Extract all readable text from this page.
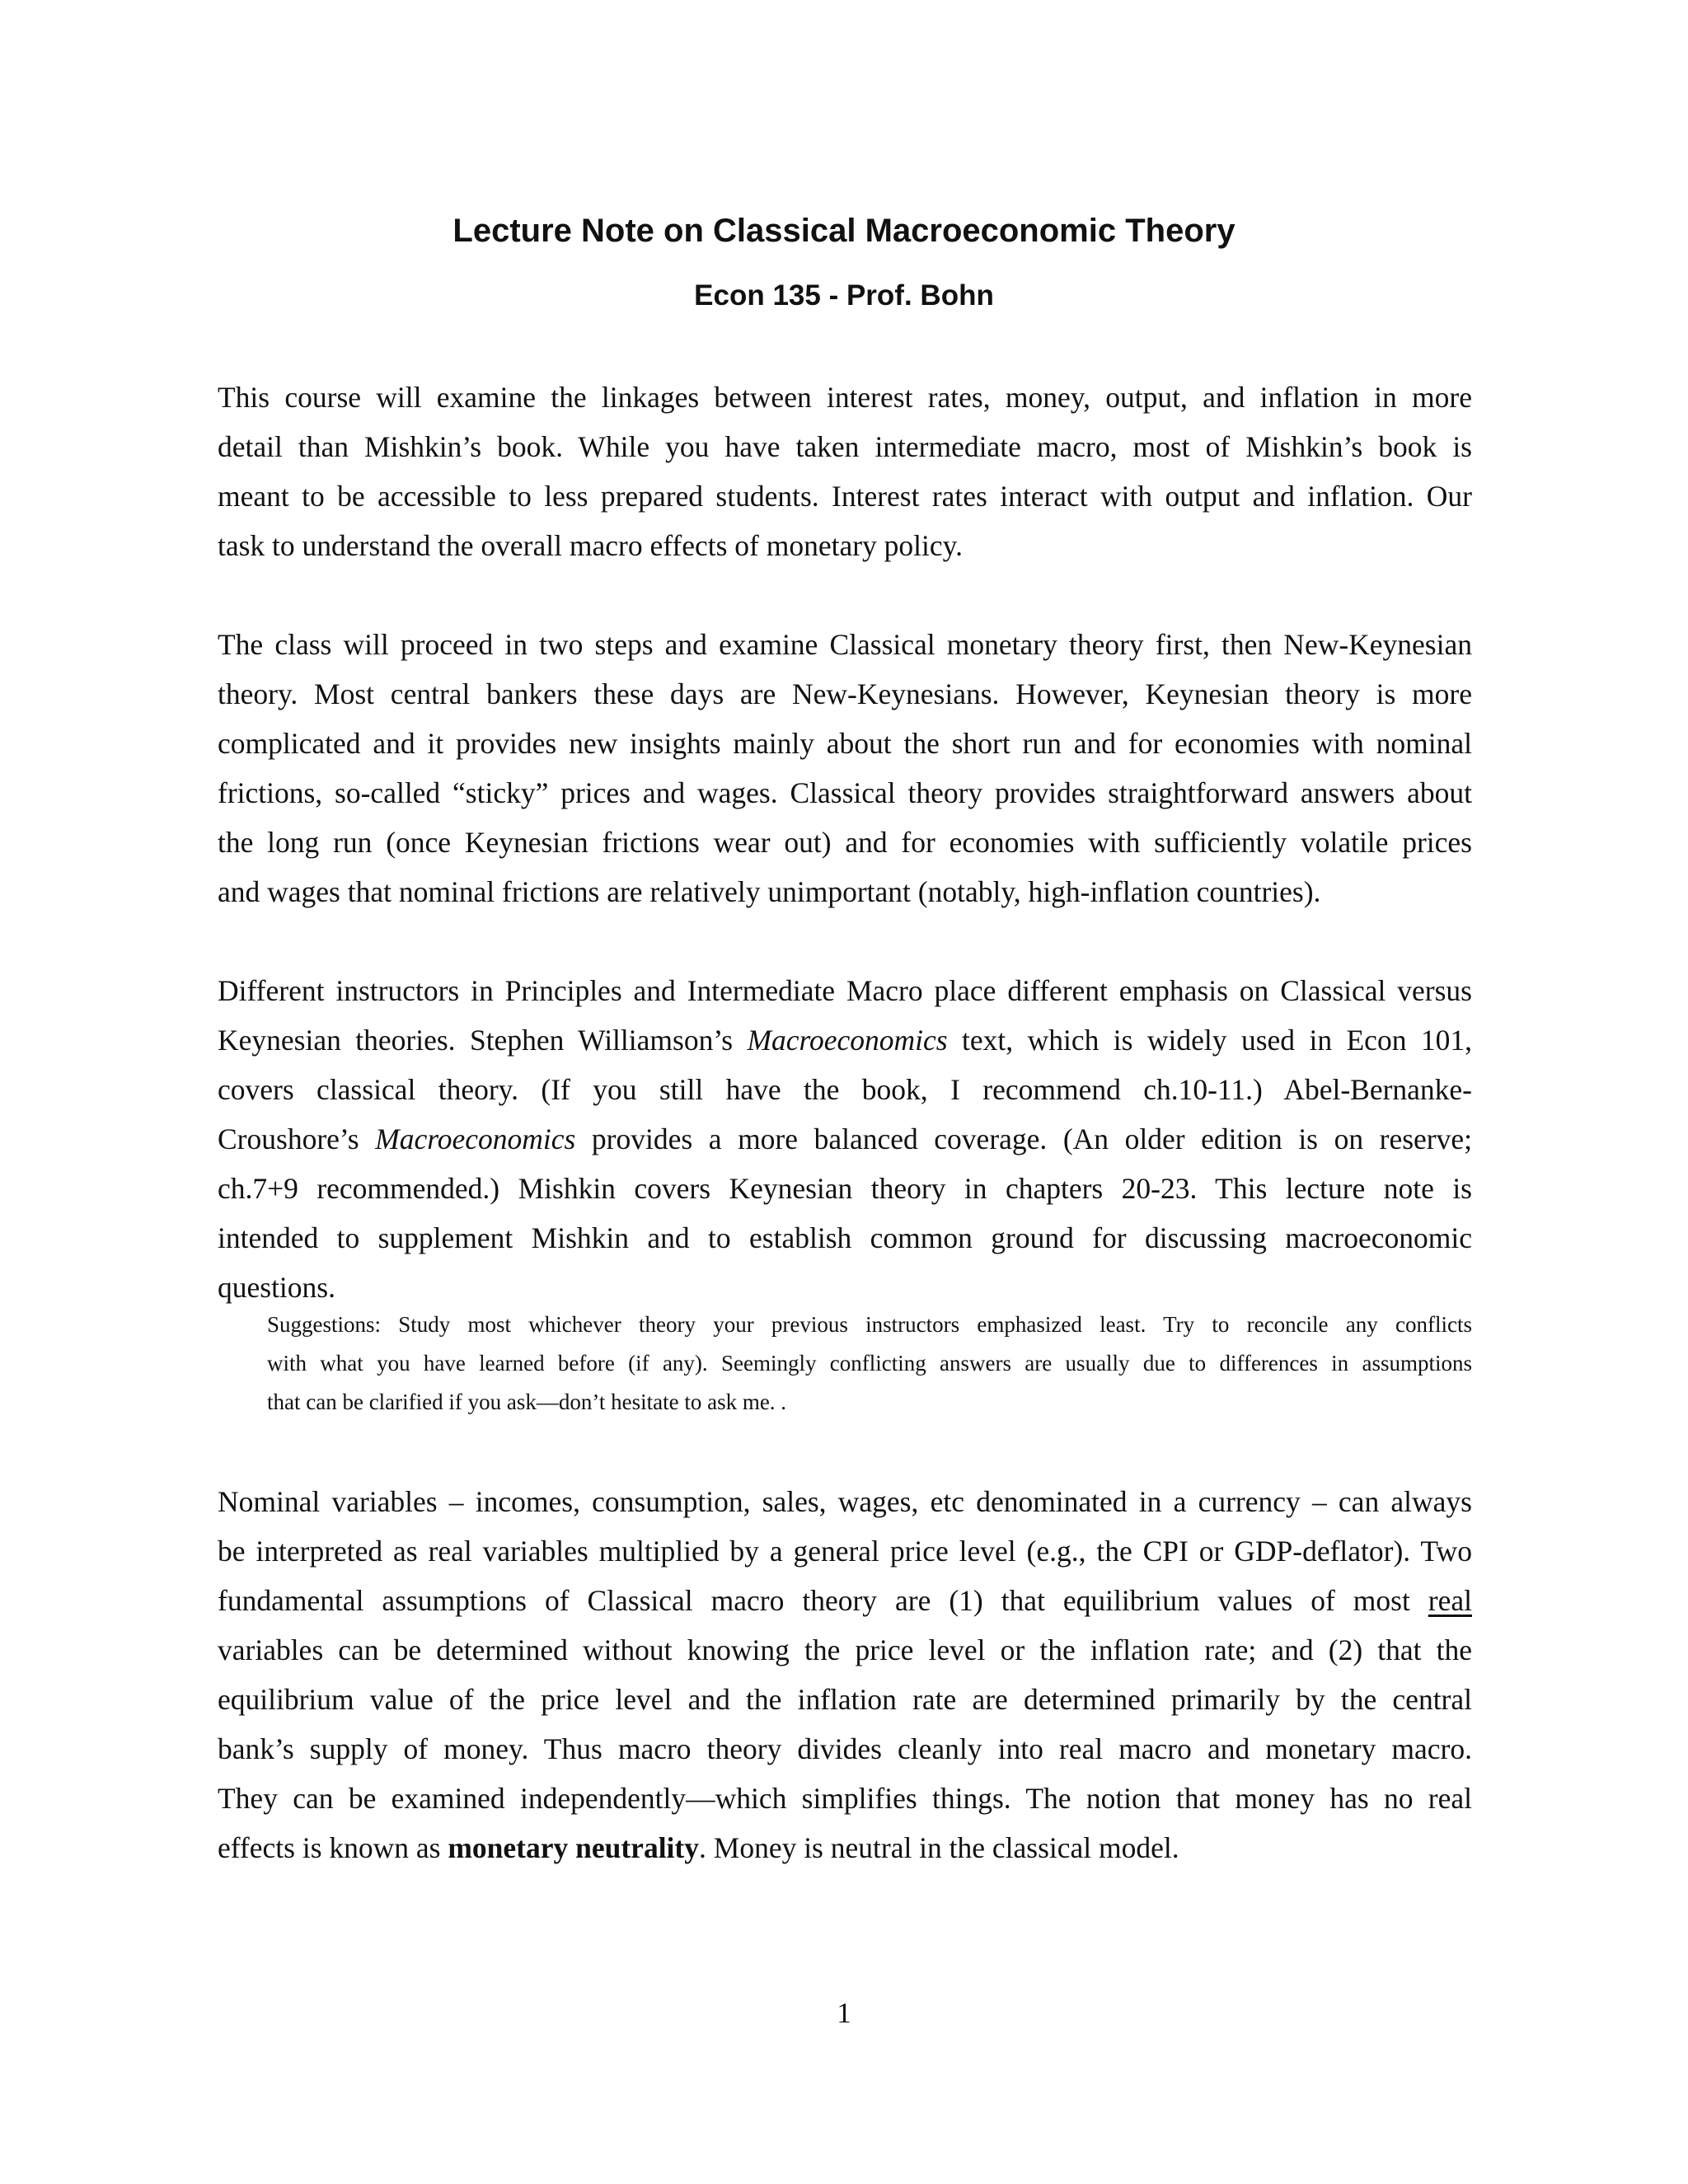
Lecture Note on Classical Macroeconomic Theory
Econ 135 - Prof. Bohn

This course will examine the linkages between interest rates, money, output, and inflation in more
detail than Mishkin’s book. While you have taken intermediate macro, most of Mishkin’s book is
meant to be accessible to less prepared students. Interest rates interact with output and inflation. Our
task to understand the overall macro effects of monetary policy.

The class will proceed in two steps and examine Classical monetary theory first, then New-Keynesian
theory. Most central bankers these days are New-Keynesians. However, Keynesian theory is more
complicated and it provides new insights mainly about the short run and for economies with nominal
frictions, so-called “sticky” prices and wages. Classical theory provides straightforward answers about
the long run (once Keynesian frictions wear out) and for economies with sufficiently volatile prices
and wages that nominal frictions are relatively unimportant (notably, high-inflation countries).

Different instructors in Principles and Intermediate Macro place different emphasis on Classical versus
Keynesian theories. Stephen Williamson’s Macroeconomics text, which is widely used in Econ 101,
covers classical theory. (If you still have the book, I recommend ch.10-11.) Abel-Bernanke-
Croushore’s Macroeconomics provides a more balanced coverage. (An older edition is on reserve;
ch.7+9 recommended.) Mishkin covers Keynesian theory in chapters 20-23. This lecture note is
intended to supplement Mishkin and to establish common ground for discussing macroeconomic
questions.

Suggestions: Study most whichever theory your previous instructors emphasized least. Try to reconcile any conflicts
with what you have learned before (if any). Seemingly conflicting answers are usually due to differences in assumptions
that can be clarified if you ask—don’t hesitate to ask me. .

Nominal variables – incomes, consumption, sales, wages, etc denominated in a currency – can always
be interpreted as real variables multiplied by a general price level (e.g., the CPI or GDP-deflator). Two
fundamental assumptions of Classical macro theory are (1) that equilibrium values of most real
variables can be determined without knowing the price level or the inflation rate; and (2) that the
equilibrium value of the price level and the inflation rate are determined primarily by the central
bank’s supply of money. Thus macro theory divides cleanly into real macro and monetary macro.
They can be examined independently—which simplifies things. The notion that money has no real
effects is known as monetary neutrality. Money is neutral in the classical model.

1
